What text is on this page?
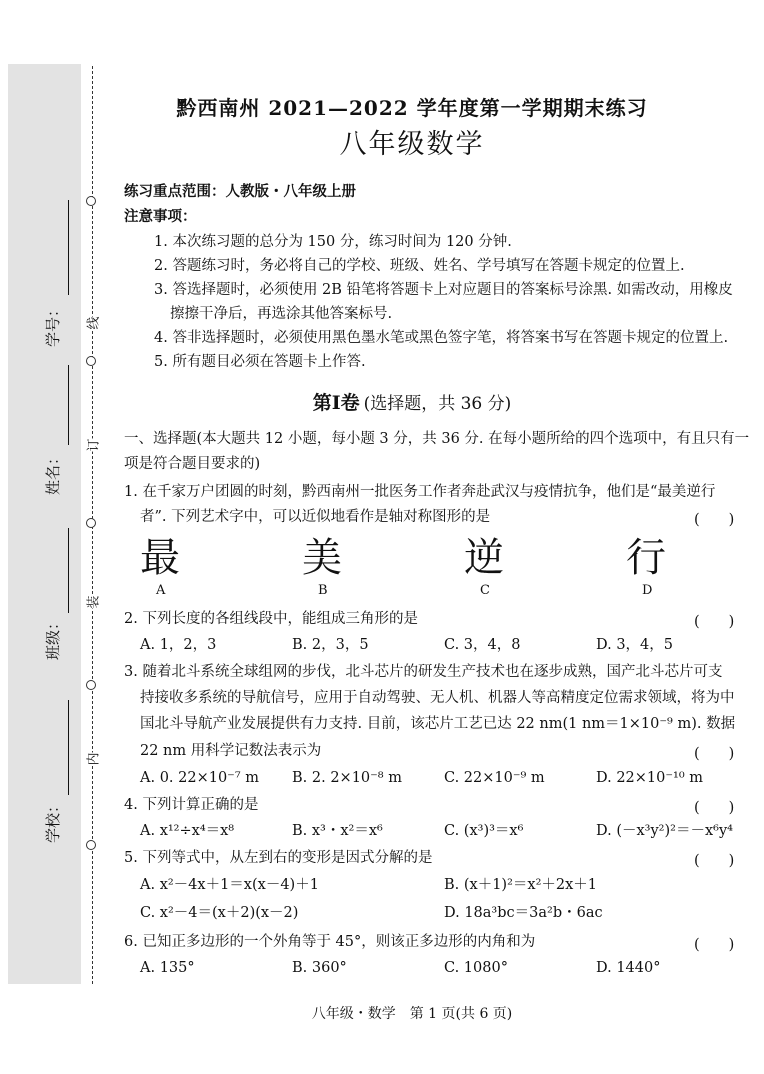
线
订
装
内
学号：
姓名：
班级：
学校：
黔西南州 2021—2022 学年度第一学期期末练习
八年级数学
练习重点范围：人教版・八年级上册
注意事项：
1. 本次练习题的总分为 150 分，练习时间为 120 分钟.
2. 答题练习时，务必将自己的学校、班级、姓名、学号填写在答题卡规定的位置上.
3. 答选择题时，必须使用 2B 铅笔将答题卡上对应题目的答案标号涂黑. 如需改动，用橡皮
擦擦干净后，再选涂其他答案标号.
4. 答非选择题时，必须使用黑色墨水笔或黑色签字笔，将答案书写在答题卡规定的位置上.
5. 所有题目必须在答题卡上作答.
第Ⅰ卷 (选择题，共 36 分)
一、选择题(本大题共 12 小题，每小题 3 分，共 36 分. 在每小题所给的四个选项中，有且只有一
项是符合题目要求的)
1. 在千家万户团圆的时刻，黔西南州一批医务工作者奔赴武汉与疫情抗争，他们是“最美逆行
者”. 下列艺术字中，可以近似地看作是轴对称图形的是	(　　)
最	美	逆	行
A	B	C	D
2. 下列长度的各组线段中，能组成三角形的是	(　　)
A. 1，2，3	B. 2，3，5	C. 3，4，8	D. 3，4，5
3. 随着北斗系统全球组网的步伐，北斗芯片的研发生产技术也在逐步成熟，国产北斗芯片可支
持接收多系统的导航信号，应用于自动驾驶、无人机、机器人等高精度定位需求领域，将为中
国北斗导航产业发展提供有力支持. 目前，该芯片工艺已达 22 nm(1 nm＝1×10⁻⁹ m). 数据
22 nm 用科学记数法表示为	(　　)
A. 0. 22×10⁻⁷ m B. 2. 2×10⁻⁸ m	C. 22×10⁻⁹ m	D. 22×10⁻¹⁰ m
4. 下列计算正确的是	(　　)
A. x¹²÷x⁴＝x⁸	B. x³・x²＝x⁶	C. (x³)³＝x⁶	D. (－x³y²)²＝－x⁶y⁴
5. 下列等式中，从左到右的变形是因式分解的是	(　　)
A. x²－4x＋1＝x(x－4)＋1	B. (x＋1)²＝x²＋2x＋1
C. x²－4＝(x＋2)(x－2)	D. 18a³bc＝3a²b・6ac
6. 已知正多边形的一个外角等于 45°，则该正多边形的内角和为	(　　)
A. 135°	B. 360°	C. 1080°	D. 1440°
八年级・数学　第 1 页(共 6 页)
